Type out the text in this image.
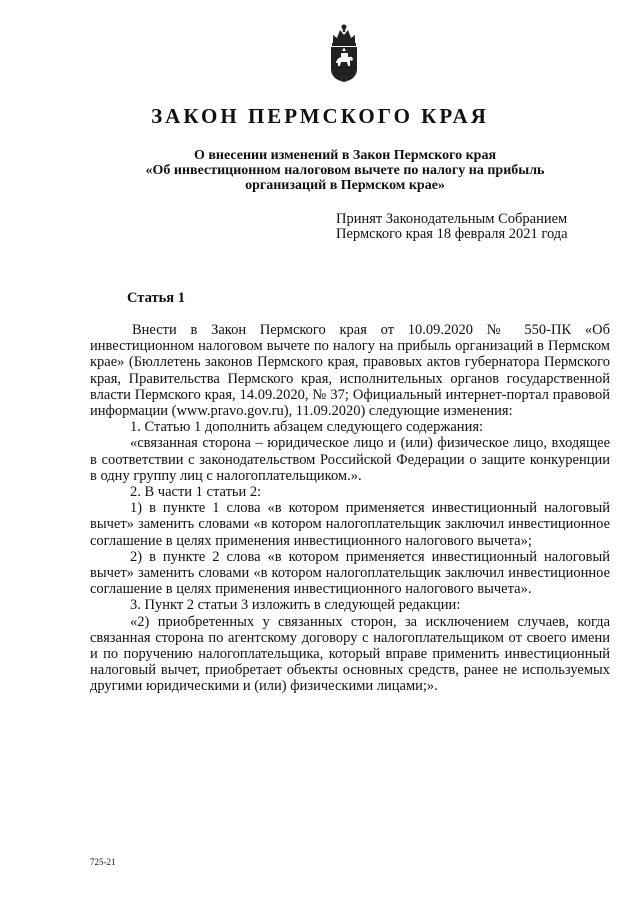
ЗАКОН ПЕРМСКОГО КРАЯ
О внесении изменений в Закон Пермского края
«Об инвестиционном налоговом вычете по налогу на прибыль
организаций в Пермском крае»
Принят Законодательным Собранием
Пермского края 18 февраля 2021 года
Статья 1

Внести в Закон Пермского края от 10.09.2020 № 550-ПК «Об инвестиционном налоговом вычете по налогу на прибыль организаций в Пермском крае» (Бюллетень законов Пермского края, правовых актов губернатора Пермского края, Правительства Пермского края, исполнительных органов государственной власти Пермского края, 14.09.2020, № 37; Официальный интернет-портал правовой информации (www.pravo.gov.ru), 11.09.2020) следующие изменения:

1. Статью 1 дополнить абзацем следующего содержания:

«связанная сторона – юридическое лицо и (или) физическое лицо, входящее в соответствии с законодательством Российской Федерации о защите конкуренции в одну группу лиц с налогоплательщиком.».

2. В части 1 статьи 2:

1) в пункте 1 слова «в котором применяется инвестиционный налоговый вычет» заменить словами «в котором налогоплательщик заключил инвестиционное соглашение в целях применения инвестиционного налогового вычета»;

2) в пункте 2 слова «в котором применяется инвестиционный налоговый вычет» заменить словами «в котором налогоплательщик заключил инвестиционное соглашение в целях применения инвестиционного налогового вычета».

3. Пункт 2 статьи 3 изложить в следующей редакции:

«2) приобретенных у связанных сторон, за исключением случаев, когда связанная сторона по агентскому договору с налогоплательщиком от своего имени и по поручению налогоплательщика, который вправе применить инвестиционный налоговый вычет, приобретает объекты основных средств, ранее не используемых другими юридическими и (или) физическими лицами;».

725-21
